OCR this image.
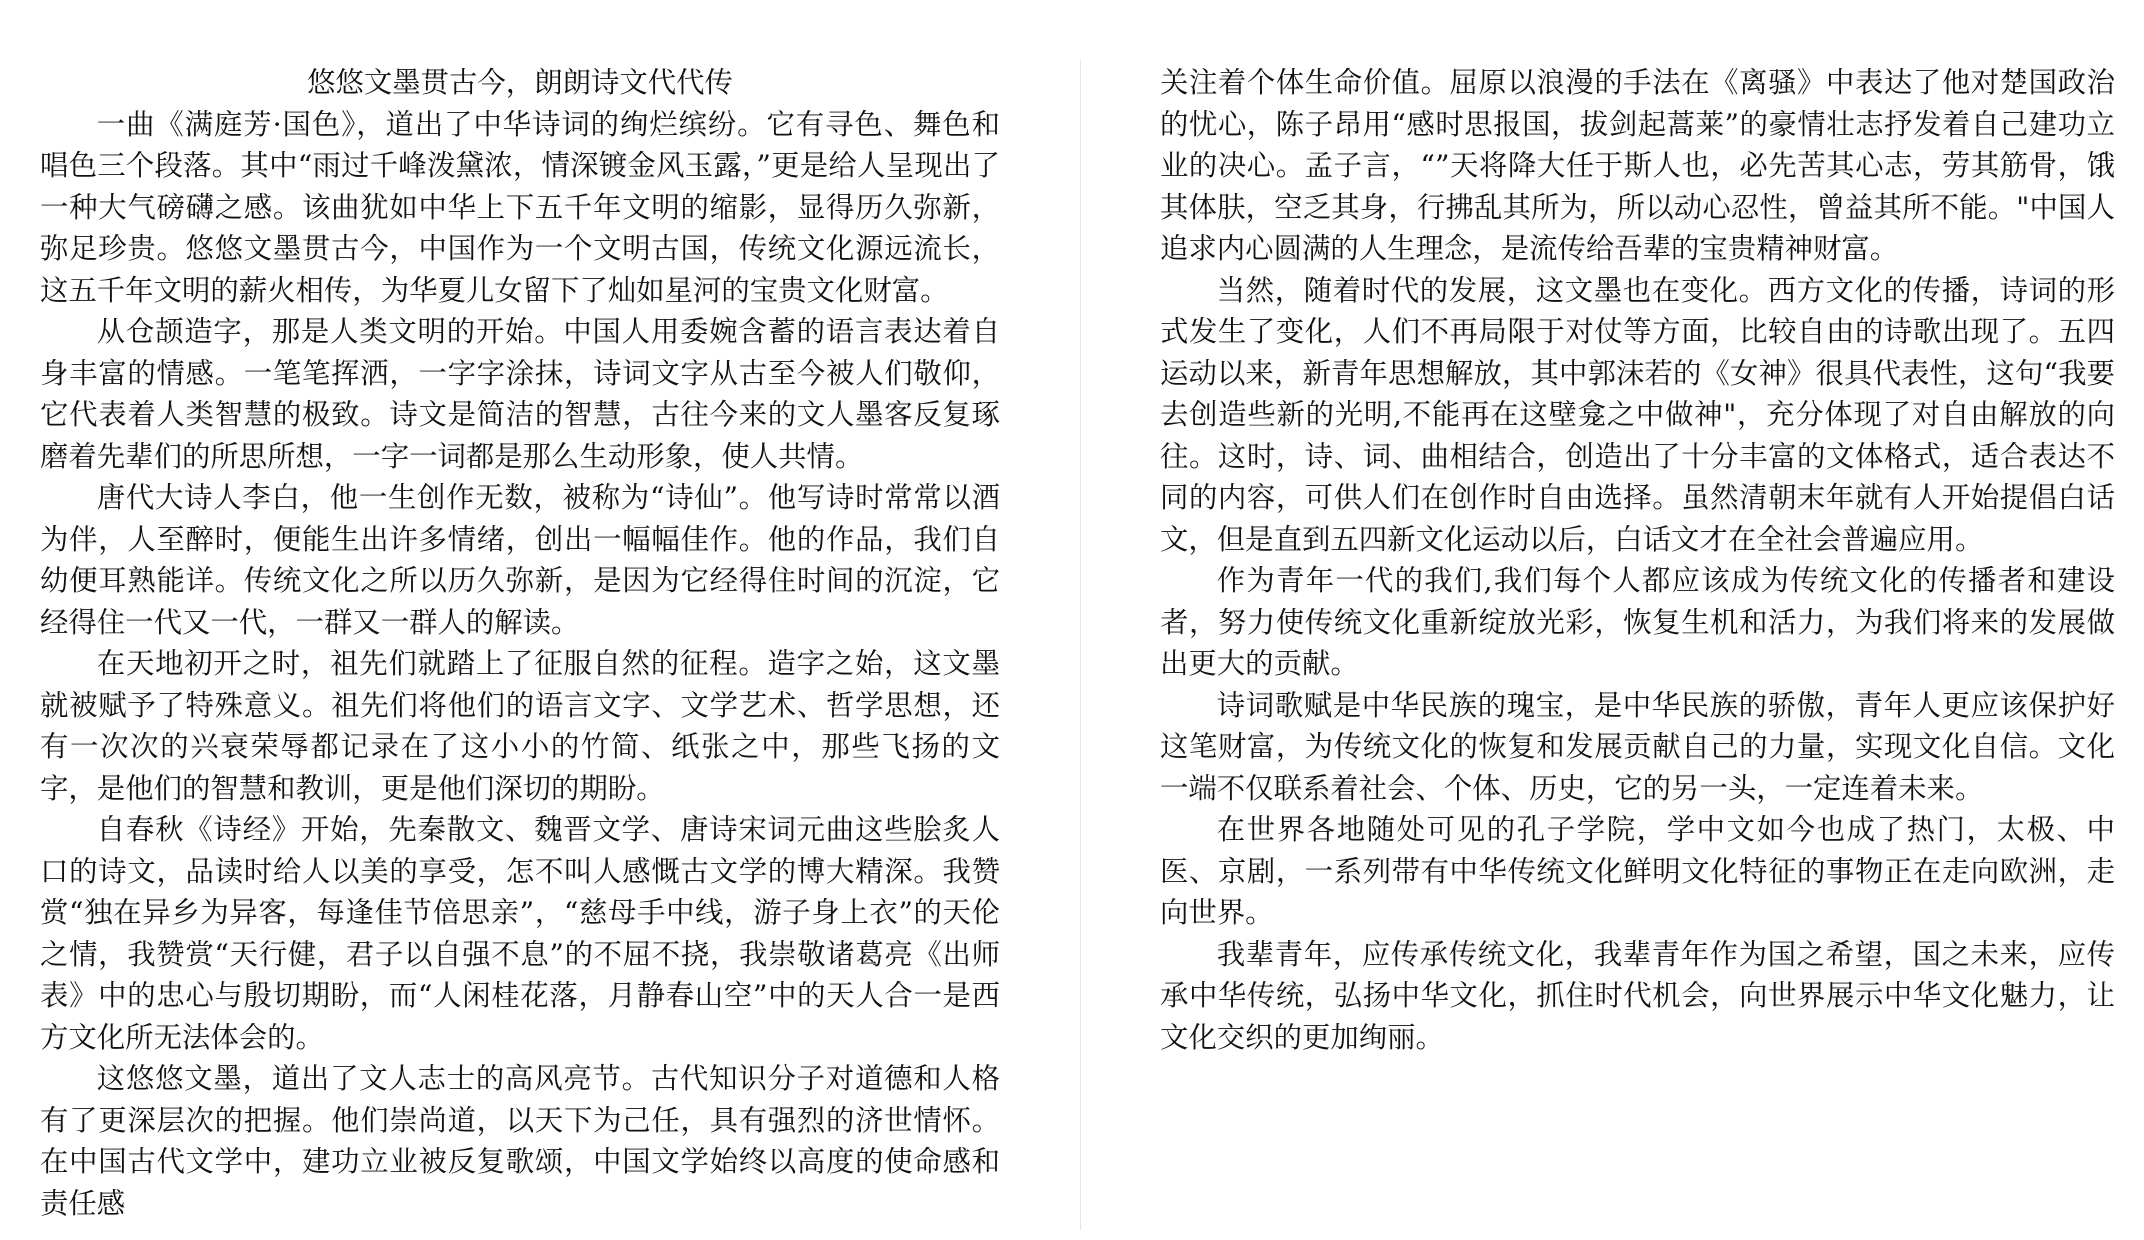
悠悠文墨贯古今，朗朗诗文代代传

一曲《满庭芳·国色》，道出了中华诗词的绚烂缤纷。它有寻色、舞色和唱色三个段落。其中“雨过千峰泼黛浓，情深镀金风玉露，”更是给人呈现出了一种大气磅礴之感。该曲犹如中华上下五千年文明的缩影，显得历久弥新，弥足珍贵。悠悠文墨贯古今，中国作为一个文明古国，传统文化源远流长，这五千年文明的薪火相传，为华夏儿女留下了灿如星河的宝贵文化财富。

从仓颉造字，那是人类文明的开始。中国人用委婉含蓄的语言表达着自身丰富的情感。一笔笔挥洒，一字字涂抹，诗词文字从古至今被人们敬仰，它代表着人类智慧的极致。诗文是简洁的智慧，古往今来的文人墨客反复琢磨着先辈们的所思所想，一字一词都是那么生动形象，使人共情。

唐代大诗人李白，他一生创作无数，被称为“诗仙”。他写诗时常常以酒为伴，人至醉时，便能生出许多情绪，创出一幅幅佳作。他的作品，我们自幼便耳熟能详。传统文化之所以历久弥新，是因为它经得住时间的沉淀，它经得住一代又一代，一群又一群人的解读。

在天地初开之时，祖先们就踏上了征服自然的征程。造字之始，这文墨就被赋予了特殊意义。祖先们将他们的语言文字、文学艺术、哲学思想，还有一次次的兴衰荣辱都记录在了这小小的竹简、纸张之中，那些飞扬的文字，是他们的智慧和教训，更是他们深切的期盼。

自春秋《诗经》开始，先秦散文、魏晋文学、唐诗宋词元曲这些脍炙人口的诗文，品读时给人以美的享受，怎不叫人感慨古文学的博大精深。我赞赏“独在异乡为异客，每逢佳节倍思亲”，“慈母手中线，游子身上衣”的天伦之情，我赞赏“天行健，君子以自强不息”的不屈不挠，我崇敬诸葛亮《出师表》中的忠心与殷切期盼，而“人闲桂花落，月静春山空”中的天人合一是西方文化所无法体会的。

这悠悠文墨，道出了文人志士的高风亮节。古代知识分子对道德和人格有了更深层次的把握。他们崇尚道，以天下为己任，具有强烈的济世情怀。在中国古代文学中，建功立业被反复歌颂，中国文学始终以高度的使命感和责任感

关注着个体生命价值。屈原以浪漫的手法在《离骚》中表达了他对楚国政治的忧心，陈子昂用“感时思报国，拔剑起蒿莱”的豪情壮志抒发着自己建功立业的决心。孟子言，“”天将降大任于斯人也，必先苦其心志，劳其筋骨，饿其体肤，空乏其身，行拂乱其所为，所以动心忍性，曾益其所不能。"中国人追求内心圆满的人生理念，是流传给吾辈的宝贵精神财富。

当然，随着时代的发展，这文墨也在变化。西方文化的传播，诗词的形式发生了变化，人们不再局限于对仗等方面，比较自由的诗歌出现了。五四运动以来，新青年思想解放，其中郭沫若的《女神》很具代表性，这句“我要去创造些新的光明,不能再在这壁龛之中做神"，充分体现了对自由解放的向往。这时，诗、词、曲相结合，创造出了十分丰富的文体格式，适合表达不同的内容，可供人们在创作时自由选择。虽然清朝末年就有人开始提倡白话文，但是直到五四新文化运动以后，白话文才在全社会普遍应用。

作为青年一代的我们,我们每个人都应该成为传统文化的传播者和建设者，努力使传统文化重新绽放光彩，恢复生机和活力，为我们将来的发展做出更大的贡献。

诗词歌赋是中华民族的瑰宝，是中华民族的骄傲，青年人更应该保护好这笔财富，为传统文化的恢复和发展贡献自己的力量，实现文化自信。文化一端不仅联系着社会、个体、历史，它的另一头，一定连着未来。

在世界各地随处可见的孔子学院，学中文如今也成了热门，太极、中医、京剧，一系列带有中华传统文化鲜明文化特征的事物正在走向欧洲，走向世界。

我辈青年，应传承传统文化，我辈青年作为国之希望，国之未来，应传承中华传统，弘扬中华文化，抓住时代机会，向世界展示中华文化魅力，让文化交织的更加绚丽。
